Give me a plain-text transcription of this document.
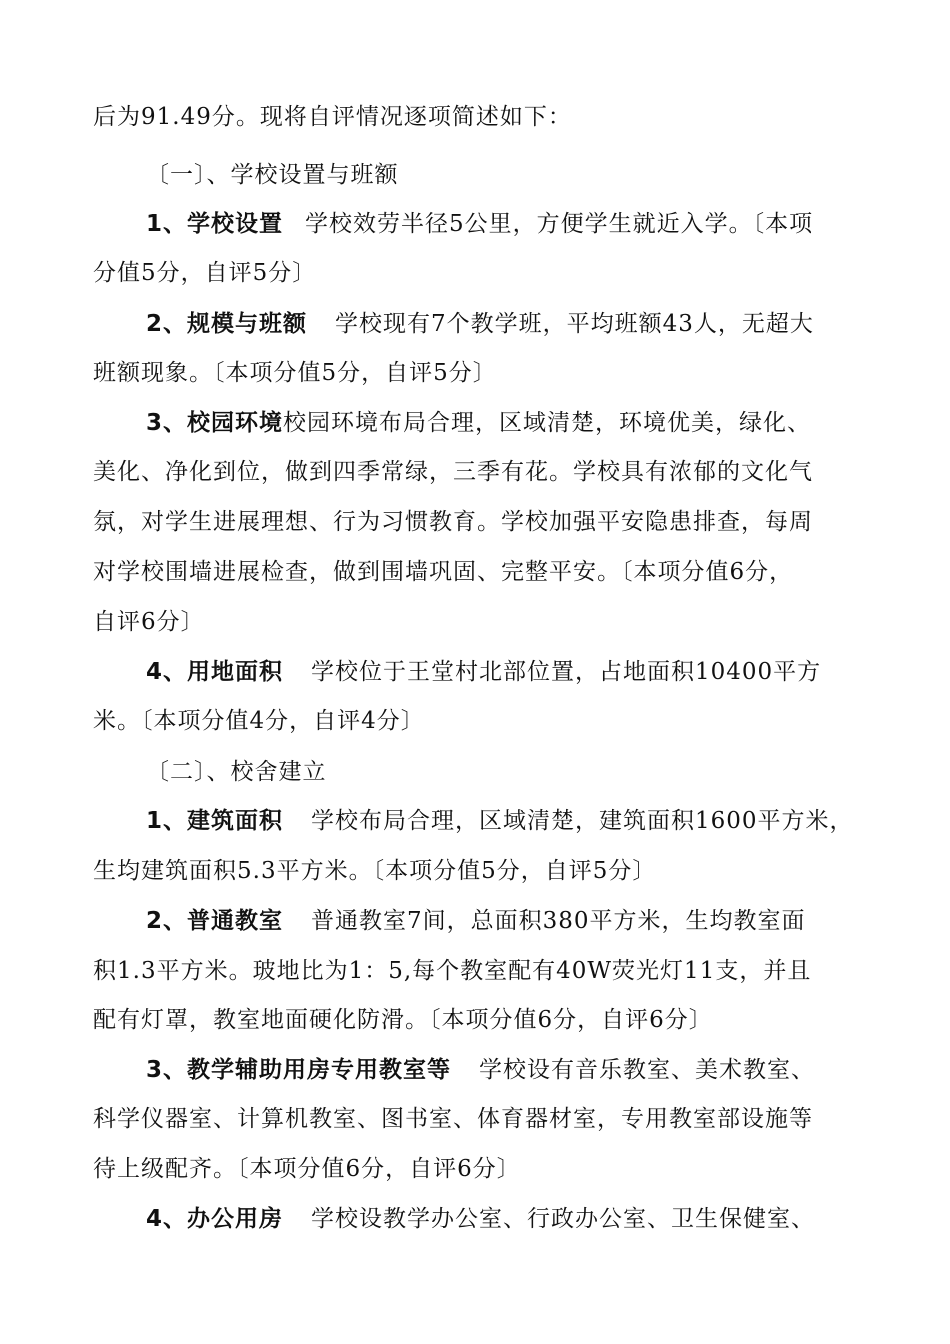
后为91.49分。现将自评情况逐项简述如下：
〔一〕、学校设置与班额
1、学校设置 学校效劳半径5公里，方便学生就近入学。〔本项
分值5分，自评5分〕
2、规模与班额 学校现有7个教学班，平均班额43人，无超大
班额现象。〔本项分值5分，自评5分〕
3、校园环境校园环境布局合理，区域清楚，环境优美，绿化、
美化、净化到位，做到四季常绿，三季有花。学校具有浓郁的文化气
氛，对学生进展理想、行为习惯教育。学校加强平安隐患排查，每周
对学校围墙进展检查，做到围墙巩固、完整平安。〔本项分值6分，
自评6分〕
4、用地面积 学校位于王堂村北部位置，占地面积10400平方
米。〔本项分值4分，自评4分〕
〔二〕、校舍建立
1、建筑面积 学校布局合理，区域清楚，建筑面积1600平方米，
生均建筑面积5.3平方米。〔本项分值5分，自评5分〕
2、普通教室 普通教室7间，总面积380平方米，生均教室面
积1.3平方米。玻地比为1：5,每个教室配有40W荧光灯11支，并且
配有灯罩，教室地面硬化防滑。〔本项分值6分，自评6分〕
3、教学辅助用房专用教室等 学校设有音乐教室、美术教室、
科学仪器室、计算机教室、图书室、体育器材室，专用教室部设施等
待上级配齐。〔本项分值6分，自评6分〕
4、办公用房 学校设教学办公室、行政办公室、卫生保健室、
